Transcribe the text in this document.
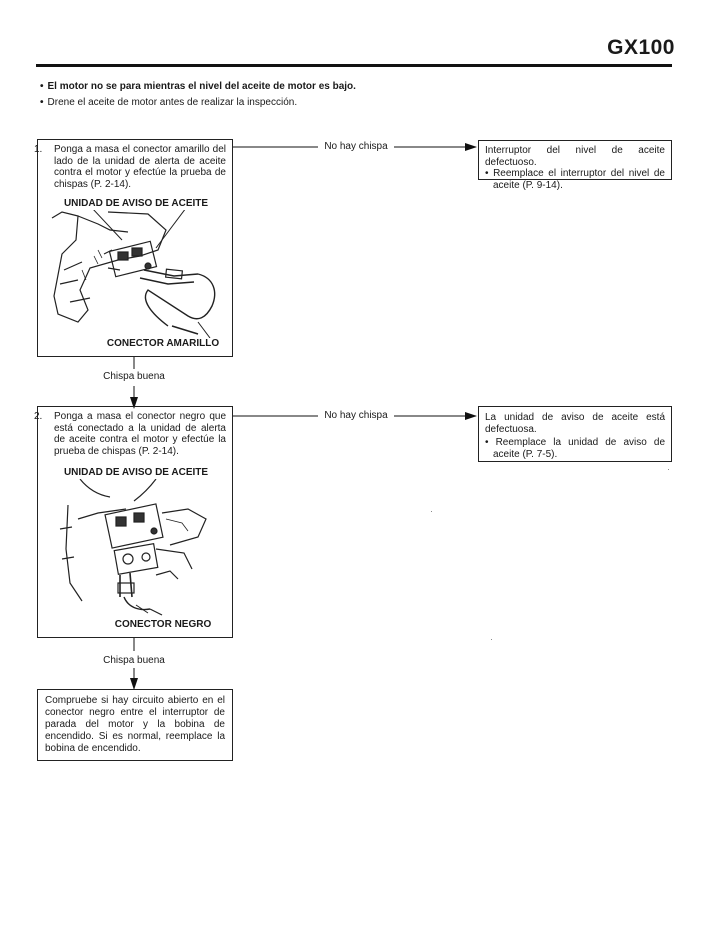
GX100
• El motor no se para mientras el nivel del aceite de motor es bajo.
• Drene el aceite de motor antes de realizar la inspección.

1. Ponga a masa el conector amarillo del lado de la unidad de alerta de aceite contra el motor y efectúe la prueba de chispas (P. 2-14).

UNIDAD DE AVISO DE ACEITE
CONECTOR AMARILLO
No hay chispa	Interruptor del nivel de aceite defectuoso.

• Reemplace el interruptor del nivel de aceite (P. 9-14).

Chispa buena

2. Ponga a masa el conector negro que está conectado a la unidad de alerta de aceite contra el motor y efectúe la prueba de chispas (P. 2-14).

UNIDAD DE AVISO DE ACEITE
CONECTOR NEGRO
No hay chispa	La unidad de aviso de aceite está defectuosa.

• Reemplace la unidad de aviso de aceite (P. 7-5).

Chispa buena
Compruebe si hay circuito abierto en el conector negro entre el interruptor de parada del motor y la bobina de encendido. Si es normal, reemplace la bobina de encendido.
·
·
·
